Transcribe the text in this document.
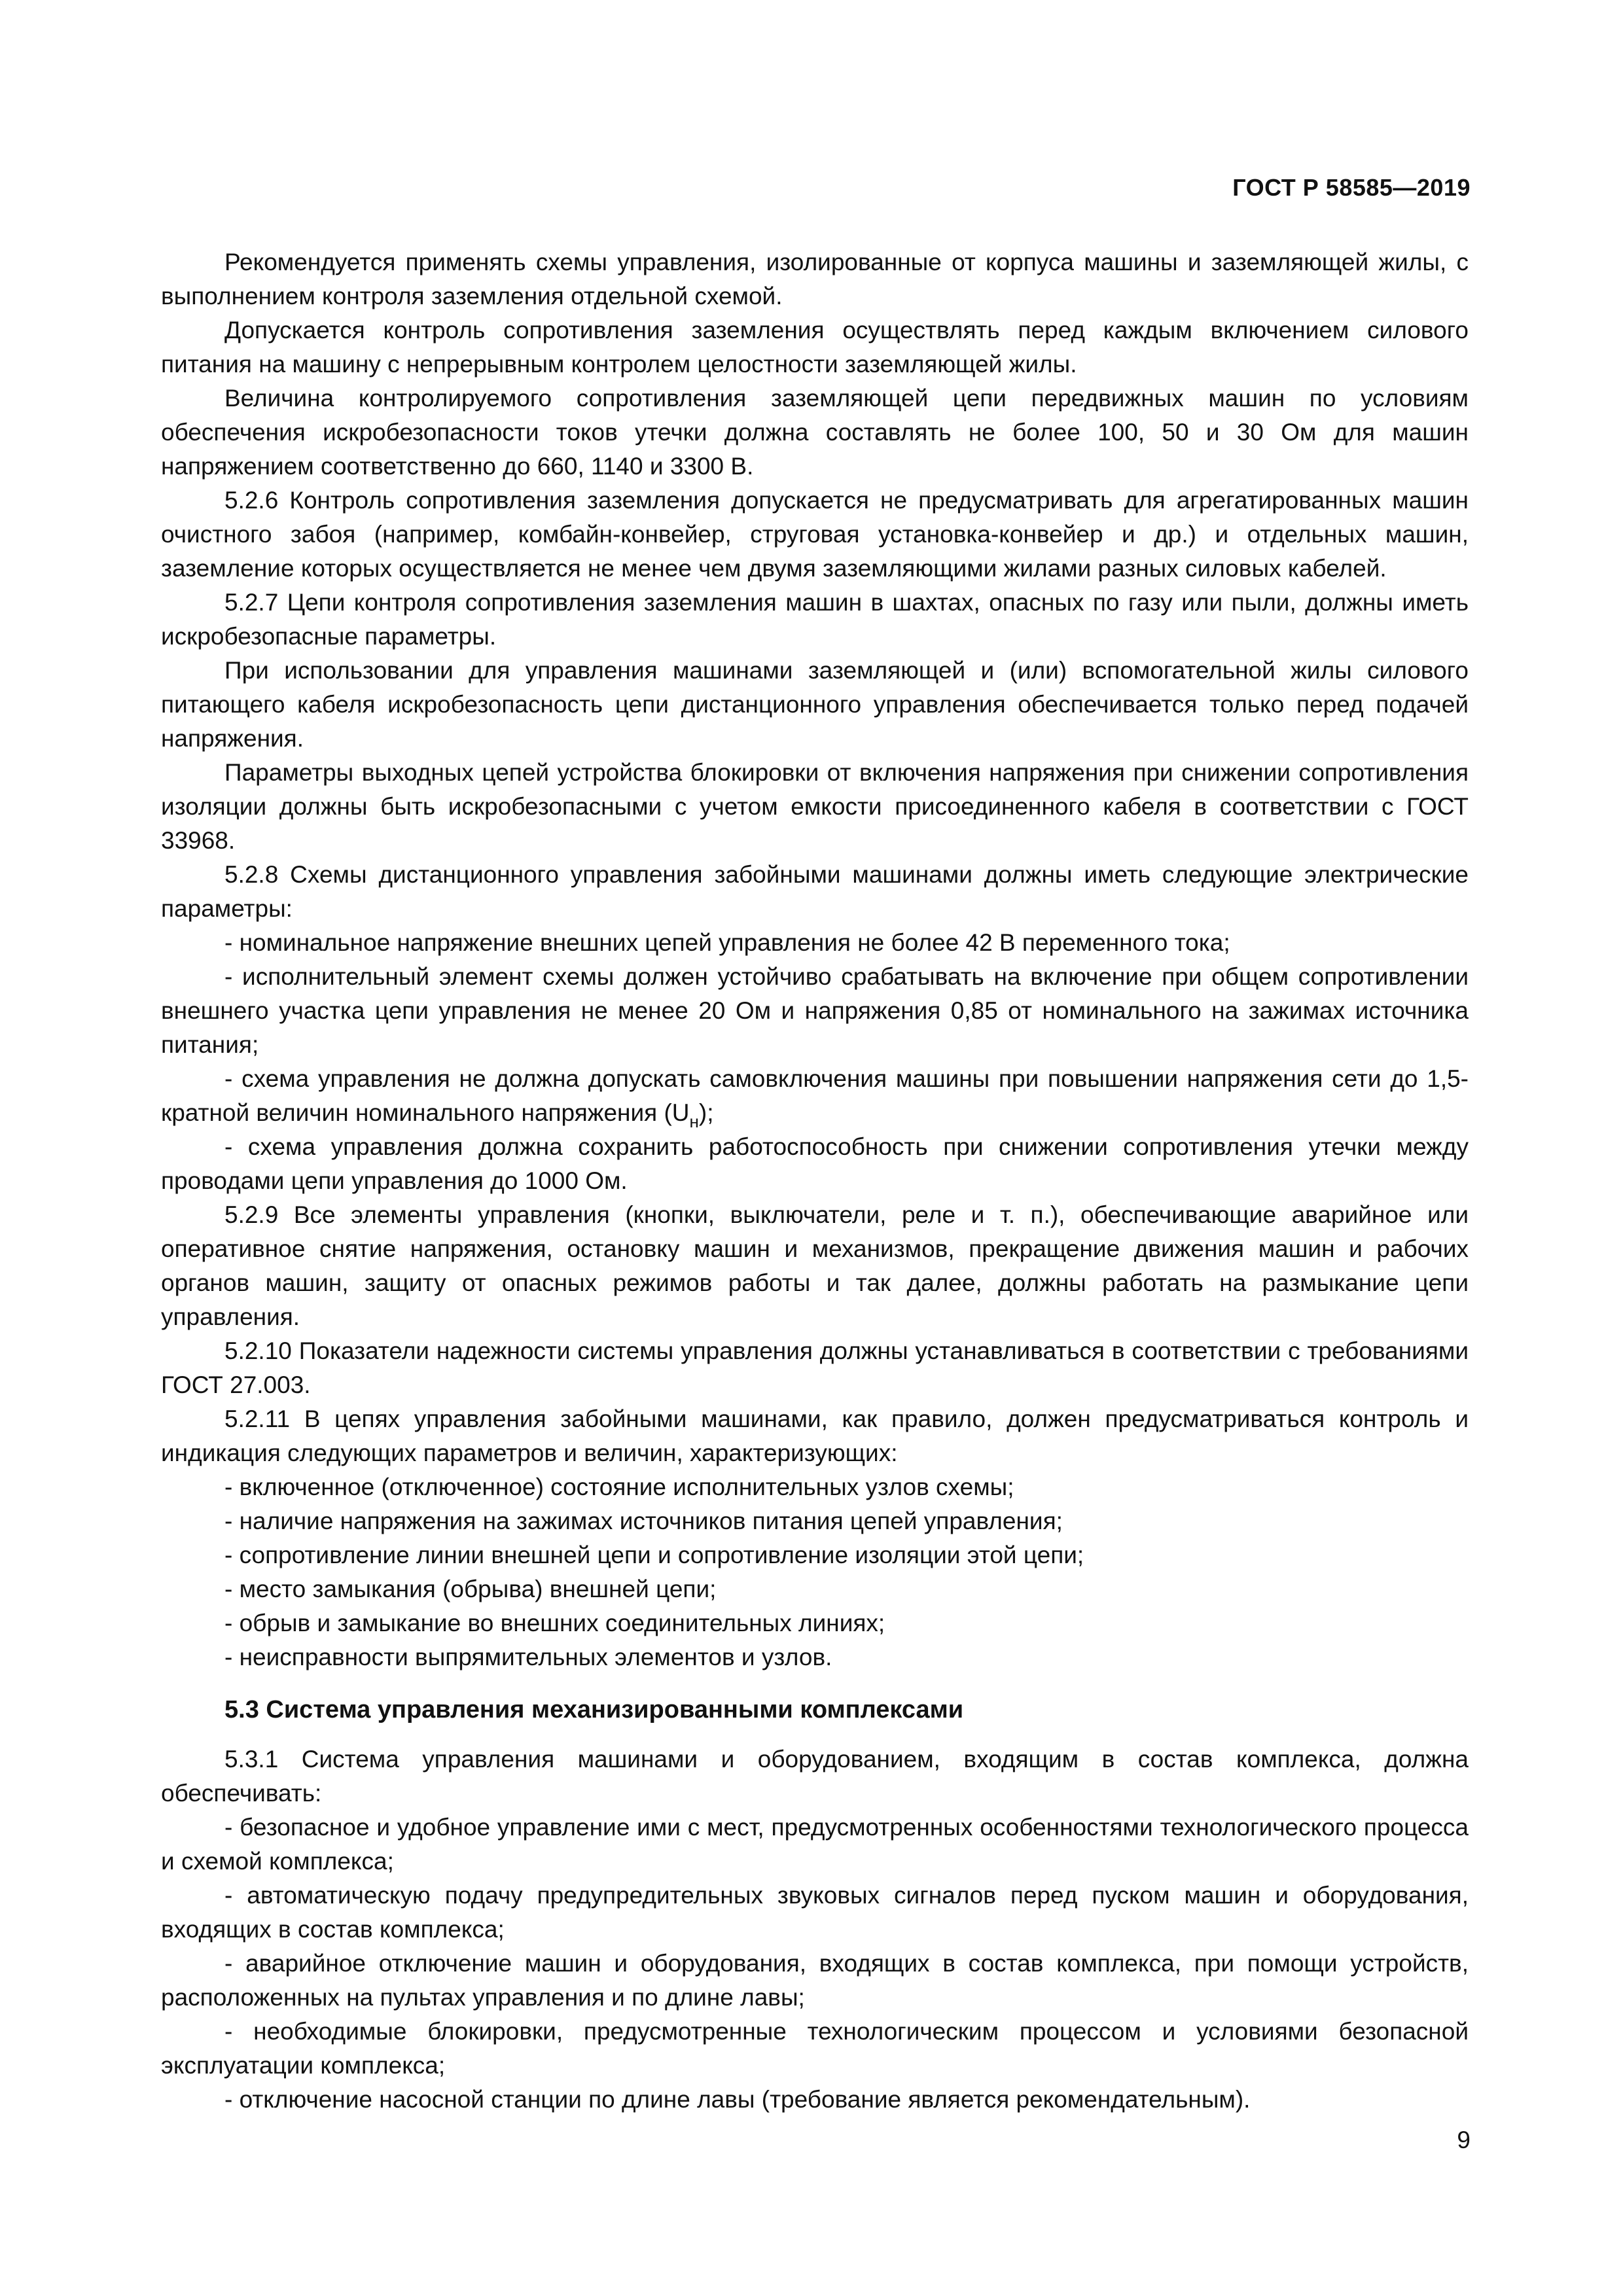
ГОСТ Р 58585—2019

Рекомендуется применять схемы управления, изолированные от корпуса машины и заземляющей жилы, с выполнением контроля заземления отдельной схемой.

Допускается контроль сопротивления заземления осуществлять перед каждым включением силового питания на машину с непрерывным контролем целостности заземляющей жилы.

Величина контролируемого сопротивления заземляющей цепи передвижных машин по условиям обеспечения искробезопасности токов утечки должна составлять не более 100, 50 и 30 Ом для машин напряжением соответственно до 660, 1140 и 3300 В.

5.2.6 Контроль сопротивления заземления допускается не предусматривать для агрегатированных машин очистного забоя (например, комбайн-конвейер, струговая установка-конвейер и др.) и отдельных машин, заземление которых осуществляется не менее чем двумя заземляющими жилами разных силовых кабелей.

5.2.7 Цепи контроля сопротивления заземления машин в шахтах, опасных по газу или пыли, должны иметь искробезопасные параметры.

При использовании для управления машинами заземляющей и (или) вспомогательной жилы силового питающего кабеля искробезопасность цепи дистанционного управления обеспечивается только перед подачей напряжения.

Параметры выходных цепей устройства блокировки от включения напряжения при снижении сопротивления изоляции должны быть искробезопасными с учетом емкости присоединенного кабеля в соответствии с ГОСТ 33968.

5.2.8 Схемы дистанционного управления забойными машинами должны иметь следующие электрические параметры:

- номинальное напряжение внешних цепей управления не более 42 В переменного тока;

- исполнительный элемент схемы должен устойчиво срабатывать на включение при общем сопротивлении внешнего участка цепи управления не менее 20 Ом и напряжения 0,85 от номинального на зажимах источника питания;

- схема управления не должна допускать самовключения машины при повышении напряжения сети до 1,5-кратной величин номинального напряжения $(U_н)$;

- схема управления должна сохранить работоспособность при снижении сопротивления утечки между проводами цепи управления до 1000 Ом.

5.2.9 Все элементы управления (кнопки, выключатели, реле и т. п.), обеспечивающие аварийное или оперативное снятие напряжения, остановку машин и механизмов, прекращение движения машин и рабочих органов машин, защиту от опасных режимов работы и так далее, должны работать на размыкание цепи управления.

5.2.10 Показатели надежности системы управления должны устанавливаться в соответствии с требованиями ГОСТ 27.003.

5.2.11 В цепях управления забойными машинами, как правило, должен предусматриваться контроль и индикация следующих параметров и величин, характеризующих:

- включенное (отключенное) состояние исполнительных узлов схемы;

- наличие напряжения на зажимах источников питания цепей управления;

- сопротивление линии внешней цепи и сопротивление изоляции этой цепи;

- место замыкания (обрыва) внешней цепи;

- обрыв и замыкание во внешних соединительных линиях;

- неисправности выпрямительных элементов и узлов.

5.3 Система управления механизированными комплексами

5.3.1 Система управления машинами и оборудованием, входящим в состав комплекса, должна обеспечивать:

- безопасное и удобное управление ими с мест, предусмотренных особенностями технологического процесса и схемой комплекса;

- автоматическую подачу предупредительных звуковых сигналов перед пуском машин и оборудования, входящих в состав комплекса;

- аварийное отключение машин и оборудования, входящих в состав комплекса, при помощи устройств, расположенных на пультах управления и по длине лавы;

- необходимые блокировки, предусмотренные технологическим процессом и условиями безопасной эксплуатации комплекса;

- отключение насосной станции по длине лавы (требование является рекомендательным).

9
